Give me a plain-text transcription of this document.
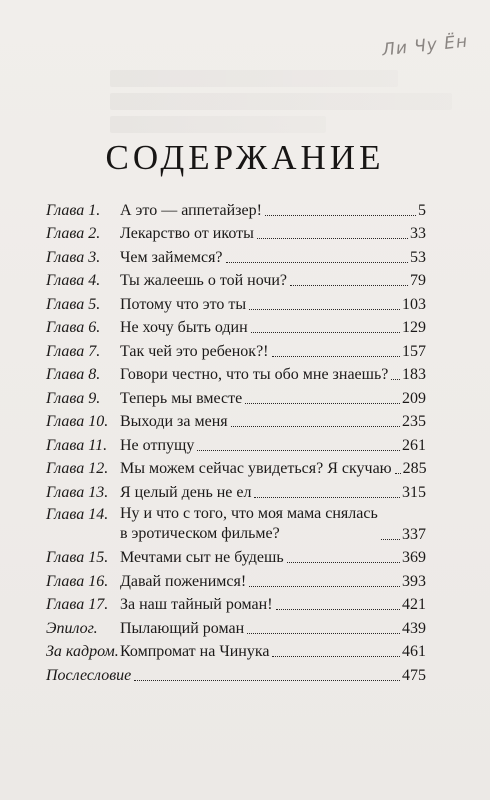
Ли Чу Ён
СОДЕРЖАНИЕ
Глава 1.	А это — аппетайзер!	5
Глава 2.	Лекарство от икоты	33
Глава 3.	Чем займемся?	53
Глава 4.	Ты жалеешь о той ночи?	79
Глава 5.	Потому что это ты	103
Глава 6.	Не хочу быть один	129
Глава 7.	Так чей это ребенок?!	157
Глава 8.	Говори честно, что ты обо мне знаешь? 183
Глава 9.	Теперь мы вместе	209
Глава 10. Выходи за меня	235
Глава 11. Не отпущу	261
Глава 12. Мы можем сейчас увидеться? Я скучаю 285
Глава 13. Я целый день не ел	315
Глава 14. Ну и что с того, что моя мама снялась
в эротическом фильме?	337
Глава 15. Мечтами сыт не будешь	369
Глава 16. Давай поженимся!	393
Глава 17. За наш тайный роман!	421
Эпилог.	Пылающий роман	439
За кадром. Компромат на Чинука	461
Послесловие	475
